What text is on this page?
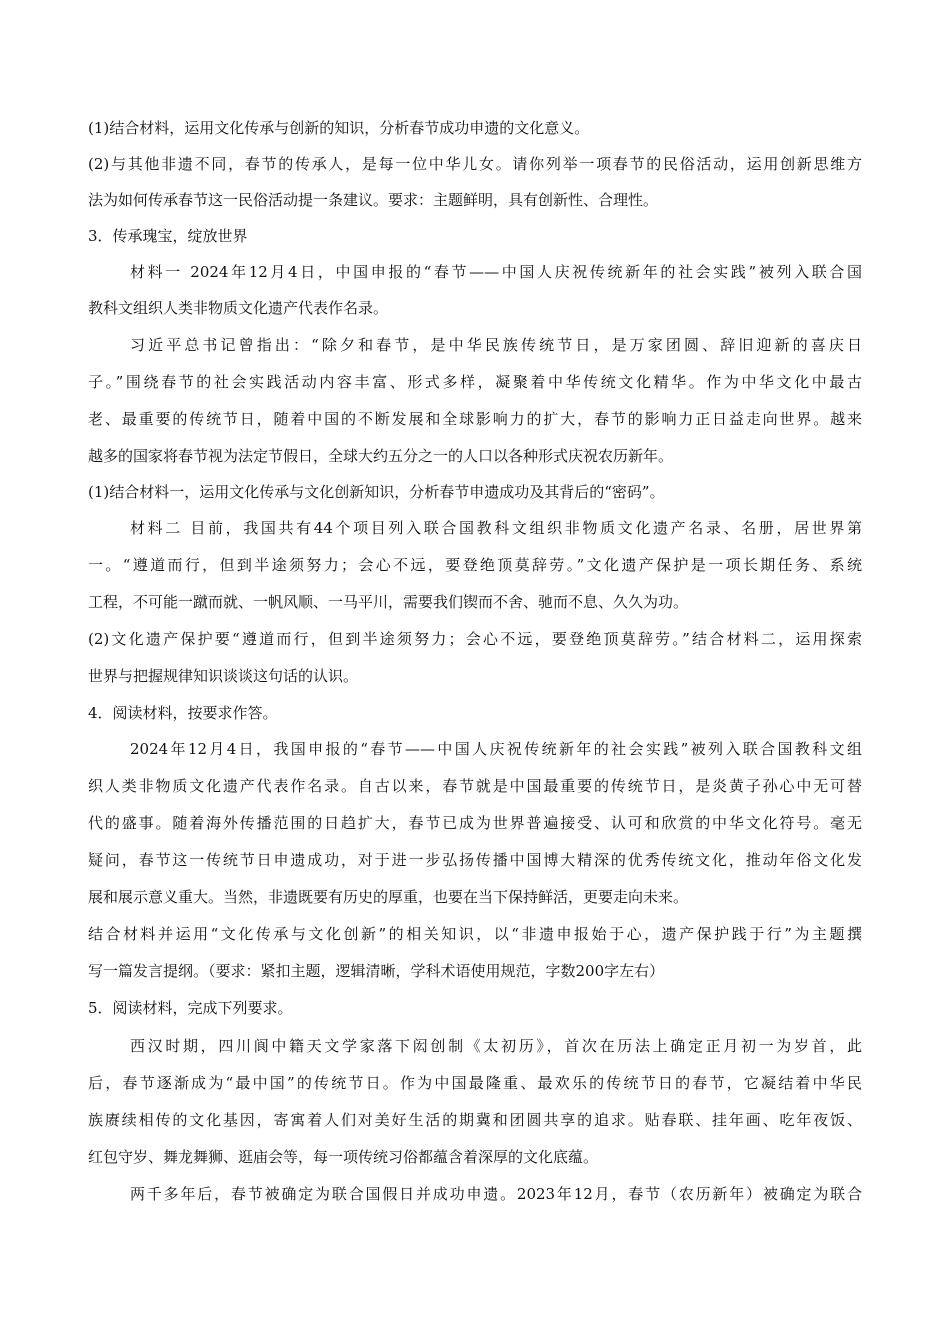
(1)结合材料，运用文化传承与创新的知识，分析春节成功申遗的文化意义。
(2)与其他非遗不同，春节的传承人，是每一位中华儿女。请你列举一项春节的民俗活动，运用创新思维方
法为如何传承春节这一民俗活动提一条建议。要求：主题鲜明，具有创新性、合理性。
3．传承瑰宝，绽放世界
材料一 2024年12月4日，中国申报的“春节——中国人庆祝传统新年的社会实践”被列入联合国
教科文组织人类非物质文化遗产代表作名录。
习近平总书记曾指出：“除夕和春节，是中华民族传统节日，是万家团圆、辞旧迎新的喜庆日
子。”围绕春节的社会实践活动内容丰富、形式多样，凝聚着中华传统文化精华。作为中华文化中最古
老、最重要的传统节日，随着中国的不断发展和全球影响力的扩大，春节的影响力正日益走向世界。越来
越多的国家将春节视为法定节假日，全球大约五分之一的人口以各种形式庆祝农历新年。
(1)结合材料一，运用文化传承与文化创新知识，分析春节申遗成功及其背后的“密码”。
材料二 目前，我国共有44个项目列入联合国教科文组织非物质文化遗产名录、名册，居世界第
一。“遵道而行，但到半途须努力；会心不远，要登绝顶莫辞劳。”文化遗产保护是一项长期任务、系统
工程，不可能一蹴而就、一帆风顺、一马平川，需要我们锲而不舍、驰而不息、久久为功。
(2)文化遗产保护要“遵道而行，但到半途须努力；会心不远，要登绝顶莫辞劳。”结合材料二，运用探索
世界与把握规律知识谈谈这句话的认识。
4．阅读材料，按要求作答。
2024年12月4日，我国申报的“春节——中国人庆祝传统新年的社会实践”被列入联合国教科文组
织人类非物质文化遗产代表作名录。自古以来，春节就是中国最重要的传统节日，是炎黄子孙心中无可替
代的盛事。随着海外传播范围的日趋扩大，春节已成为世界普遍接受、认可和欣赏的中华文化符号。毫无
疑问，春节这一传统节日申遗成功，对于进一步弘扬传播中国博大精深的优秀传统文化，推动年俗文化发
展和展示意义重大。当然，非遗既要有历史的厚重，也要在当下保持鲜活，更要走向未来。
结合材料并运用“文化传承与文化创新”的相关知识，以“非遗申报始于心，遗产保护践于行”为主题撰
写一篇发言提纲。（要求：紧扣主题，逻辑清晰，学科术语使用规范，字数200字左右）
5．阅读材料，完成下列要求。
西汉时期，四川阆中籍天文学家落下闳创制《太初历》，首次在历法上确定正月初一为岁首，此
后，春节逐渐成为“最中国”的传统节日。作为中国最隆重、最欢乐的传统节日的春节，它凝结着中华民
族赓续相传的文化基因，寄寓着人们对美好生活的期冀和团圆共享的追求。贴春联、挂年画、吃年夜饭、
红包守岁、舞龙舞狮、逛庙会等，每一项传统习俗都蕴含着深厚的文化底蕴。
两千多年后，春节被确定为联合国假日并成功申遗。2023年12月，春节（农历新年）被确定为联合
